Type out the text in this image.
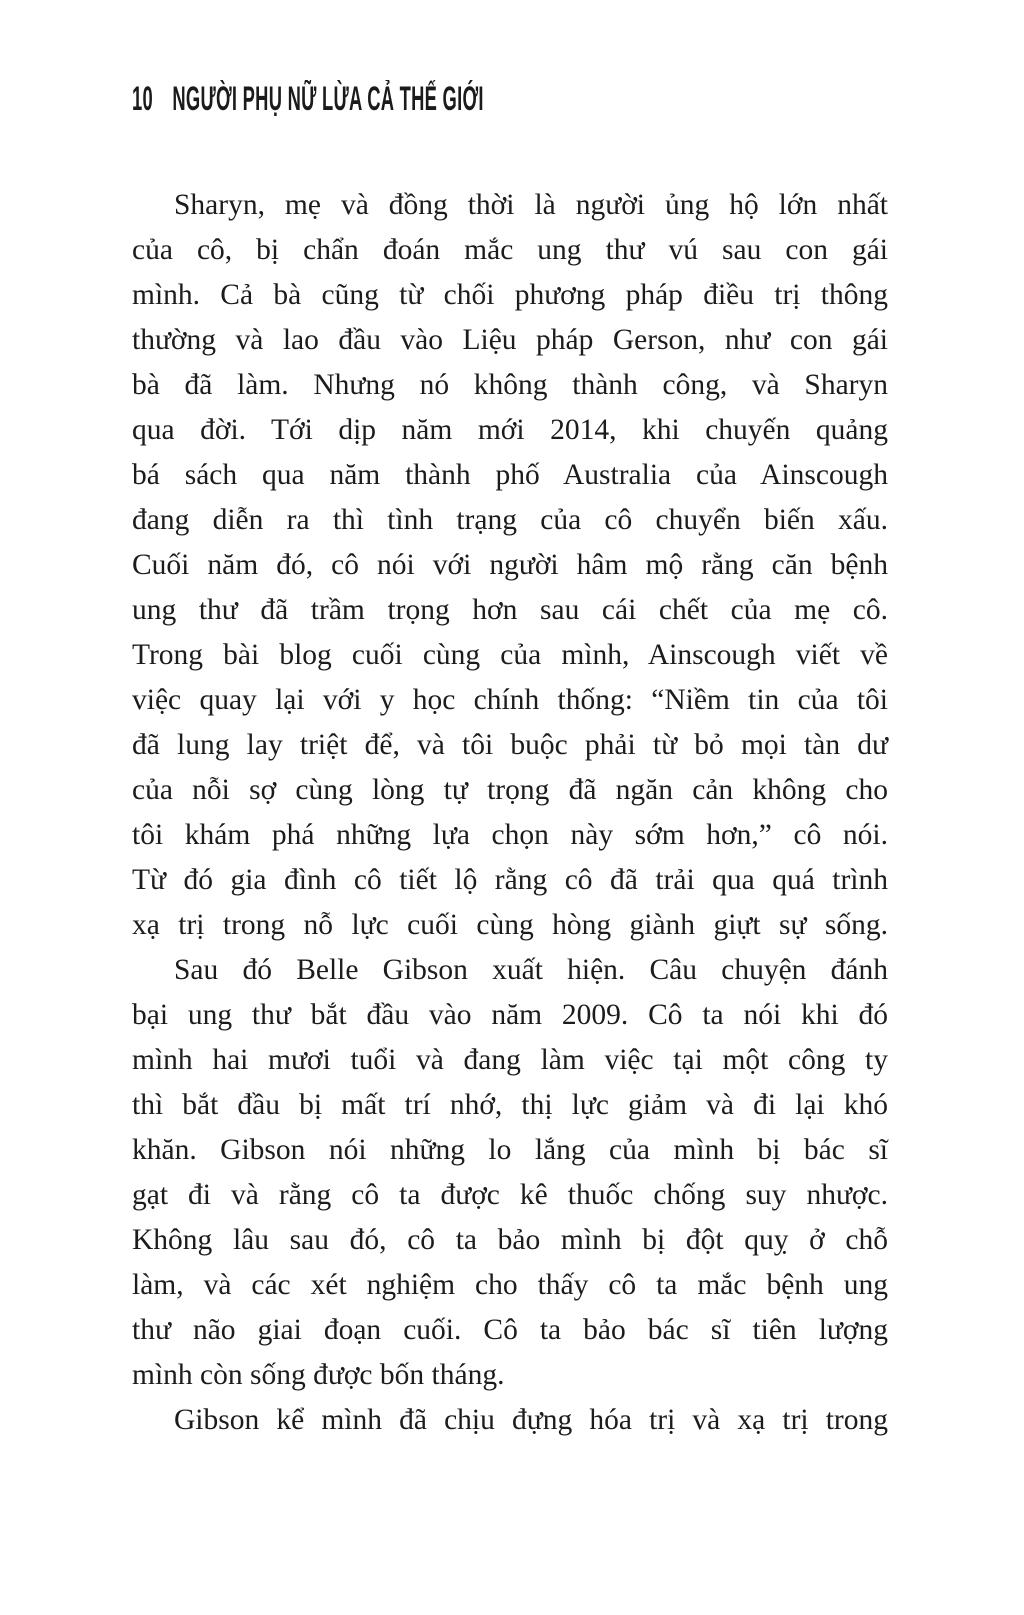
10 NGƯỜI PHỤ NỮ LỪA CẢ THẾ GIỚI

Sharyn, mẹ và đồng thời là người ủng hộ lớn nhất
của cô, bị chẩn đoán mắc ung thư vú sau con gái
mình. Cả bà cũng từ chối phương pháp điều trị thông
thường và lao đầu vào Liệu pháp Gerson, như con gái
bà đã làm. Nhưng nó không thành công, và Sharyn
qua đời. Tới dịp năm mới 2014, khi chuyến quảng
bá sách qua năm thành phố Australia của Ainscough
đang diễn ra thì tình trạng của cô chuyển biến xấu.
Cuối năm đó, cô nói với người hâm mộ rằng căn bệnh
ung thư đã trầm trọng hơn sau cái chết của mẹ cô.
Trong bài blog cuối cùng của mình, Ainscough viết về
việc quay lại với y học chính thống: “Niềm tin của tôi
đã lung lay triệt để, và tôi buộc phải từ bỏ mọi tàn dư
của nỗi sợ cùng lòng tự trọng đã ngăn cản không cho
tôi khám phá những lựa chọn này sớm hơn,” cô nói.
Từ đó gia đình cô tiết lộ rằng cô đã trải qua quá trình
xạ trị trong nỗ lực cuối cùng hòng giành giựt sự sống.

Sau đó Belle Gibson xuất hiện. Câu chuyện đánh
bại ung thư bắt đầu vào năm 2009. Cô ta nói khi đó
mình hai mươi tuổi và đang làm việc tại một công ty
thì bắt đầu bị mất trí nhớ, thị lực giảm và đi lại khó
khăn. Gibson nói những lo lắng của mình bị bác sĩ
gạt đi và rằng cô ta được kê thuốc chống suy nhược.
Không lâu sau đó, cô ta bảo mình bị đột quỵ ở chỗ
làm, và các xét nghiệm cho thấy cô ta mắc bệnh ung
thư não giai đoạn cuối. Cô ta bảo bác sĩ tiên lượng
mình còn sống được bốn tháng.

Gibson kể mình đã chịu đựng hóa trị và xạ trị trong
